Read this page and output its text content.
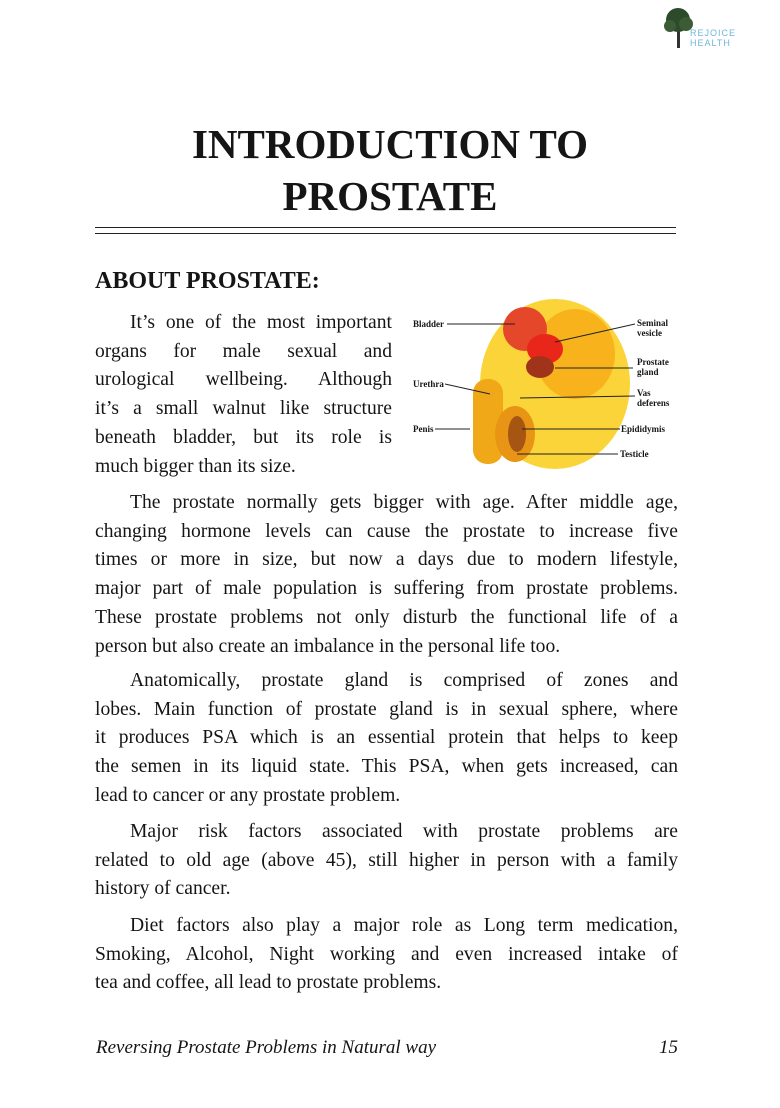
REJOICE HEALTH
INTRODUCTION TO
PROSTATE
ABOUT PROSTATE:
Bladder
Urethra
Penis
Seminal vesicle
Prostate gland
Vas deferens
Epididymis
Testicle
It’s one of the most important
organs for male sexual and
urological wellbeing. Although
it’s a small walnut like structure
beneath bladder, but its role is
much bigger than its size.
The prostate normally gets bigger with age. After middle age,
changing hormone levels can cause the prostate to increase five
times or more in size, but now a days due to modern lifestyle,
major part of male population is suffering from prostate problems.
These prostate problems not only disturb the functional life of a
person but also create an imbalance in the personal life too.
Anatomically, prostate gland is comprised of zones and
lobes. Main function of prostate gland is in sexual sphere, where
it produces PSA which is an essential protein that helps to keep
the semen in its liquid state. This PSA, when gets increased, can
lead to cancer or any prostate problem.
Major risk factors associated with prostate problems are
related to old age (above 45), still higher in person with a family
history of cancer.
Diet factors also play a major role as Long term medication,
Smoking, Alcohol, Night working and even increased intake of
tea and coffee, all lead to prostate problems.
Reversing Prostate Problems in Natural way	15
